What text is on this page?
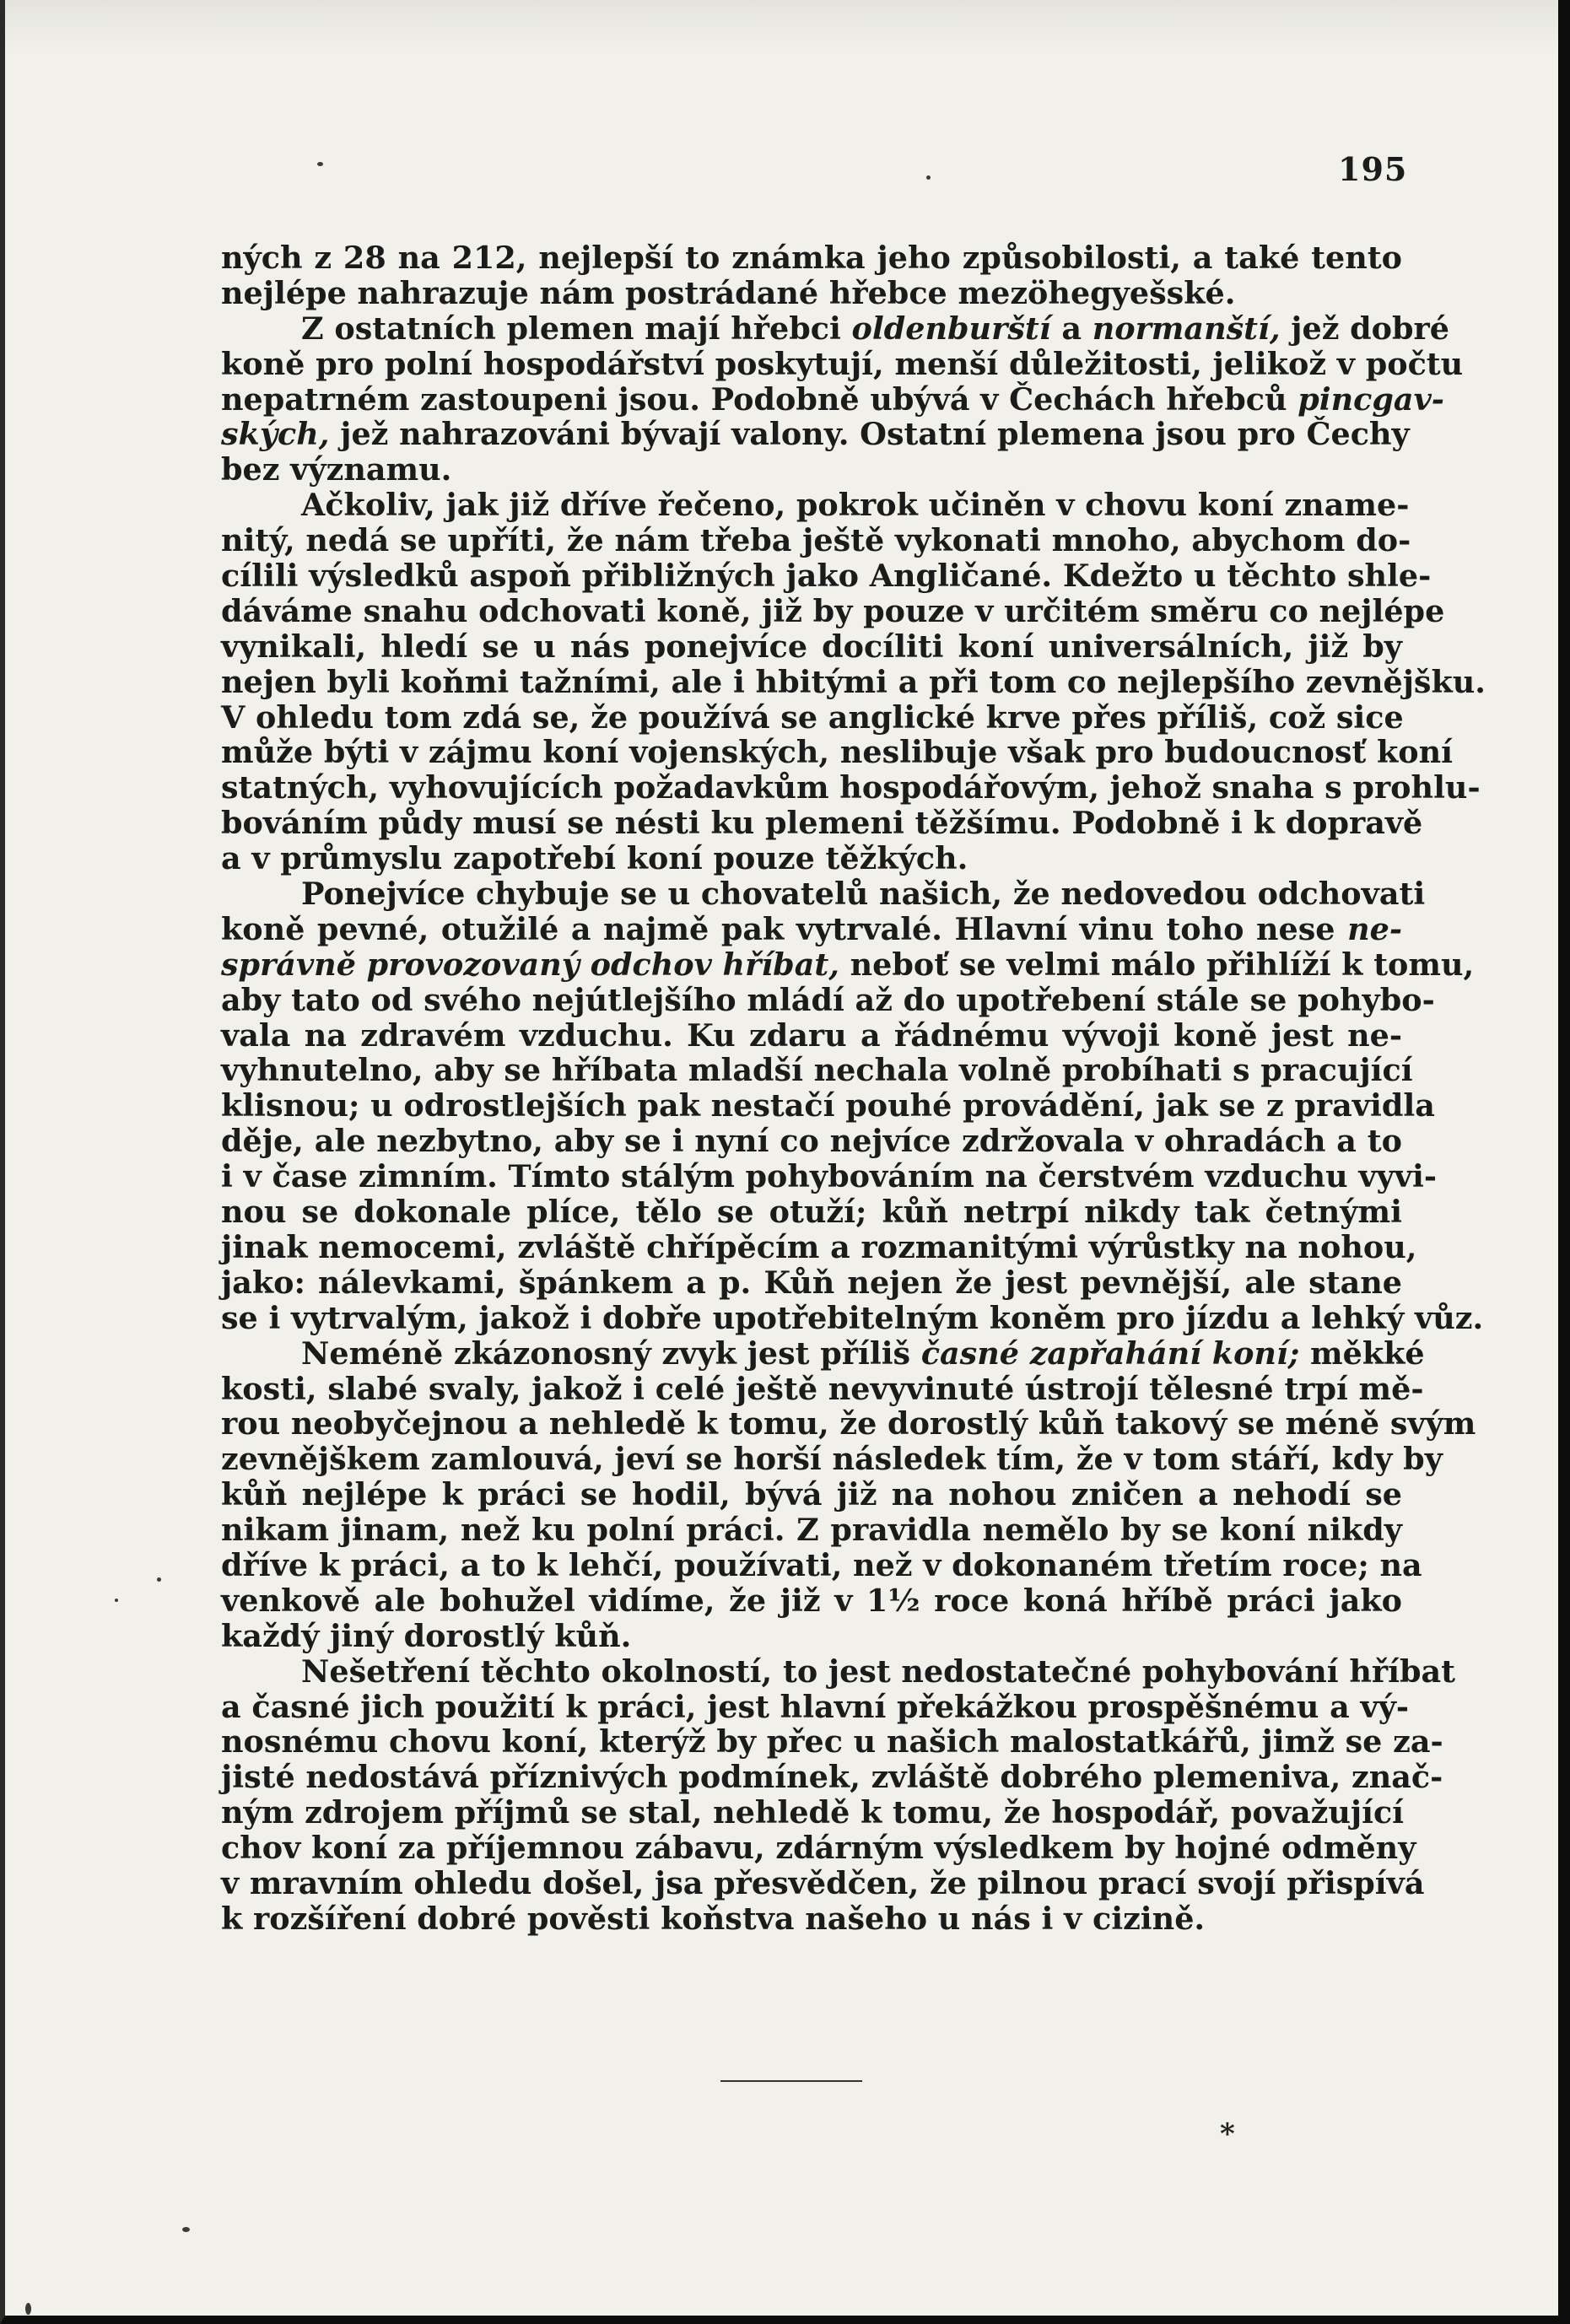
195
ných z 28 na 212, nejlepší to známka jeho způsobilosti, a také tento
nejlépe nahrazuje nám postrádané hřebce mezöhegyešské.
Z ostatních plemen mají hřebci oldenburští a normanští, jež dobré
koně pro polní hospodářství poskytují, menší důležitosti, jelikož v počtu
nepatrném zastoupeni jsou. Podobně ubývá v Čechách hřebců pincgav-
ských, jež nahrazováni bývají valony. Ostatní plemena jsou pro Čechy
bez významu.
Ačkoliv, jak již dříve řečeno, pokrok učiněn v chovu koní zname-
nitý, nedá se upříti, že nám třeba ještě vykonati mnoho, abychom do-
cílili výsledků aspoň přibližných jako Angličané. Kdežto u těchto shle-
dáváme snahu odchovati koně, již by pouze v určitém směru co nejlépe
vynikali, hledí se u nás ponejvíce docíliti koní universálních, již by
nejen byli koňmi tažními, ale i hbitými a při tom co nejlepšího zevnějšku.
V ohledu tom zdá se, že používá se anglické krve přes příliš, což sice
může býti v zájmu koní vojenských, neslibuje však pro budoucnosť koní
statných, vyhovujících požadavkům hospodářovým, jehož snaha s prohlu-
bováním půdy musí se nésti ku plemeni těžšímu. Podobně i k dopravě
a v průmyslu zapotřebí koní pouze těžkých.
Ponejvíce chybuje se u chovatelů našich, že nedovedou odchovati
koně pevné, otužilé a najmě pak vytrvalé. Hlavní vinu toho nese ne-
správně provozovaný odchov hříbat, neboť se velmi málo přihlíží k tomu,
aby tato od svého nejútlejšího mládí až do upotřebení stále se pohybo-
vala na zdravém vzduchu. Ku zdaru a řádnému vývoji koně jest ne-
vyhnutelno, aby se hříbata mladší nechala volně probíhati s pracující
klisnou; u odrostlejších pak nestačí pouhé provádění, jak se z pravidla
děje, ale nezbytno, aby se i nyní co nejvíce zdržovala v ohradách a to
i v čase zimním. Tímto stálým pohybováním na čerstvém vzduchu vyvi-
nou se dokonale plíce, tělo se otuží; kůň netrpí nikdy tak četnými
jinak nemocemi, zvláště chřípěcím a rozmanitými výrůstky na nohou,
jako: nálevkami, špánkem a p. Kůň nejen že jest pevnější, ale stane
se i vytrvalým, jakož i dobře upotřebitelným koněm pro jízdu a lehký vůz.
Neméně zkázonosný zvyk jest příliš časné zapřahání koní; měkké
kosti, slabé svaly, jakož i celé ještě nevyvinuté ústrojí tělesné trpí mě-
rou neobyčejnou a nehledě k tomu, že dorostlý kůň takový se méně svým
zevnějškem zamlouvá, jeví se horší následek tím, že v tom stáří, kdy by
kůň nejlépe k práci se hodil, bývá již na nohou zničen a nehodí se
nikam jinam, než ku polní práci. Z pravidla nemělo by se koní nikdy
dříve k práci, a to k lehčí, používati, než v dokonaném třetím roce; na
venkově ale bohužel vidíme, že již v 1½ roce koná hříbě práci jako
každý jiný dorostlý kůň.
Nešetření těchto okolností, to jest nedostatečné pohybování hříbat
a časné jich použití k práci, jest hlavní překážkou prospěšnému a vý-
nosnému chovu koní, kterýž by přec u našich malostatkářů, jimž se za-
jisté nedostává příznivých podmínek, zvláště dobrého plemeniva, znač-
ným zdrojem příjmů se stal, nehledě k tomu, že hospodář, považující
chov koní za příjemnou zábavu, zdárným výsledkem by hojné odměny
v mravním ohledu došel, jsa přesvědčen, že pilnou prací svojí přispívá
k rozšíření dobré pověsti koňstva našeho u nás i v cizině.
*
